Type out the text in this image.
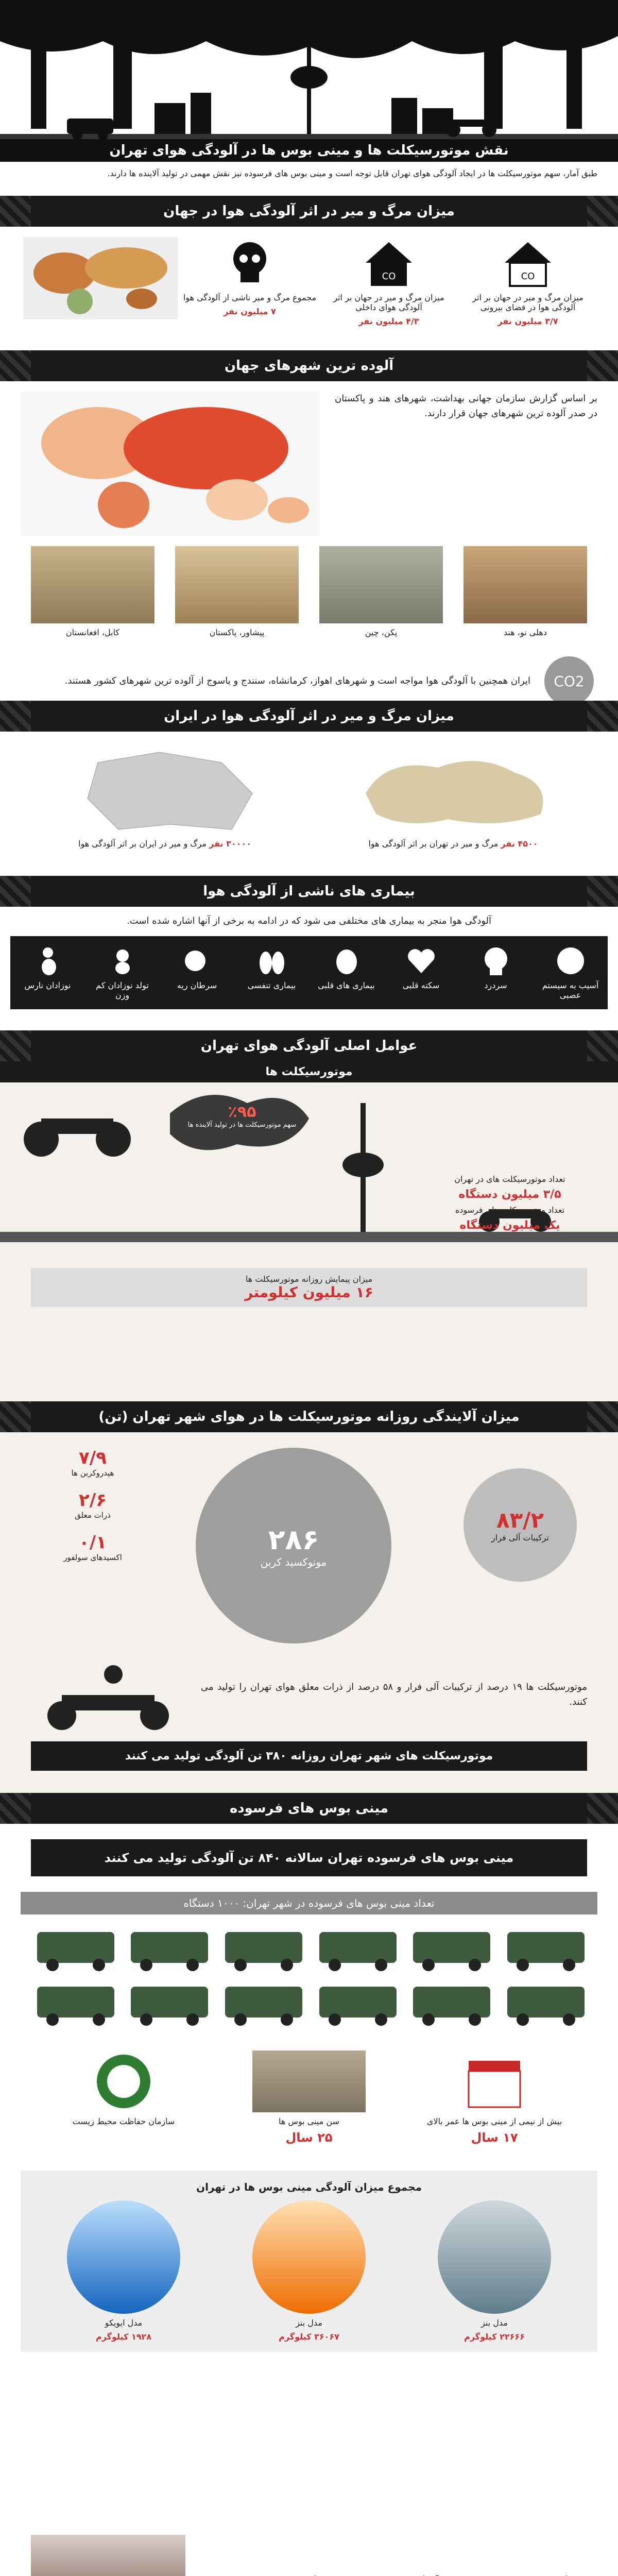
نقش موتورسیکلت ها و مینی بوس ها در آلودگی هوای تهران

طبق آمار، سهم موتورسیکلت ها در ایجاد آلودگی هوای تهران قابل توجه است و مینی بوس های فرسوده نیز نقش مهمی در تولید آلاینده ها دارند.

میزان مرگ و میر در اثر آلودگی هوا در جهان
CO
میزان مرگ و میر در جهان بر اثر آلودگی هوا در فضای بیرونی
۳/۷ میلیون نفر
CO
میزان مرگ و میر در جهان بر اثر آلودگی هوای داخلی
۴/۳ میلیون نفر
مجموع مرگ و میر ناشی از آلودگی هوا
۷ میلیون نفر
آلوده ترین شهرهای جهان

بر اساس گزارش سازمان جهانی بهداشت، شهرهای هند و پاکستان در صدر آلوده ترین شهرهای جهان قرار دارند.

دهلی نو، هند
پکن، چین
پیشاور، پاکستان
کابل، افغانستان
CO2

ایران همچنین با آلودگی هوا مواجه است و شهرهای اهواز، کرمانشاه، سنندج و یاسوج از آلوده ترین شهرهای کشور هستند.

میزان مرگ و میر در اثر آلودگی هوا در ایران
۴۵۰۰ نفر مرگ و میر در تهران بر اثر آلودگی هوا
۳۰۰۰۰ نفر مرگ و میر در ایران بر اثر آلودگی هوا
بیماری های ناشی از آلودگی هوا

آلودگی هوا منجر به بیماری های مختلفی می شود که در ادامه به برخی از آنها اشاره شده است.

آسیب به سیستم عصبی
سردرد
سکته قلبی
بیماری های قلبی
بیماری تنفسی
سرطان ریه
تولد نوزادان کم وزن
نوزادان نارس
عوامل اصلی آلودگی هوای تهران
موتورسیکلت ها
٪۹۵
سهم موتورسیکلت ها در تولید آلاینده ها
تعداد موتورسیکلت های در تهران
۳/۵ میلیون دستگاه
تعداد موتورسیکلت های فرسوده
یک میلیون دستگاه
میزان پیمایش روزانه موتورسیکلت ها
۱۶ میلیون کیلومتر
میزان آلایندگی روزانه موتورسیکلت ها در هوای شهر تهران (تن)
۸۳/۲
ترکیبات آلی فرار
۲۸۶
مونوکسید کربن
۷/۹
هیدروکربن ها
۲/۶
ذرات معلق
۰/۱
اکسیدهای سولفور

موتورسیکلت ها ۱۹ درصد از ترکیبات آلی فرار و ۵۸ درصد از ذرات معلق هوای تهران را تولید می کنند.

موتورسیکلت های شهر تهران روزانه ۳۸۰ تن آلودگی تولید می کنند
مینی بوس های فرسوده
مینی بوس های فرسوده تهران سالانه ۸۴۰ تن آلودگی تولید می کنند
تعداد مینی بوس های فرسوده در شهر تهران: ۱۰۰۰ دستگاه
بیش از نیمی از مینی بوس ها عمر بالای
۱۷ سال
سن مینی بوس ها
۲۵ سال
سازمان حفاظت محیط زیست
مجموع میزان آلودگی مینی بوس ها در تهران
مدل بنز
۲۲۶۶۶ کیلوگرم
مدل بنز
۳۶۰۶۷ کیلوگرم
مدل ایویکو
۱۹۲۸ کیلوگرم
